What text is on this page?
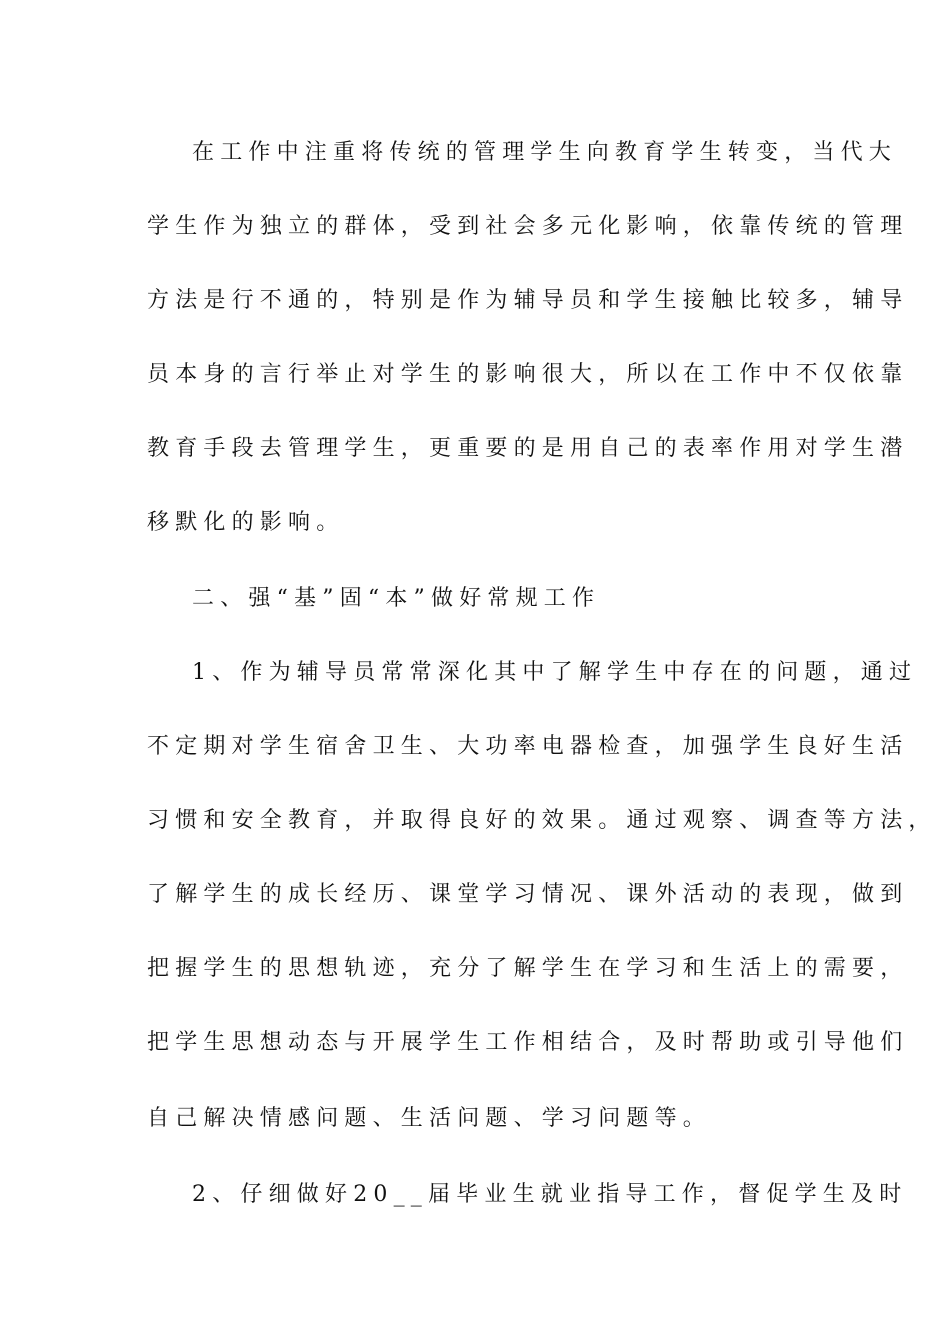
在工作中注重将传统的管理学生向教育学生转变，当代大
学生作为独立的群体，受到社会多元化影响，依靠传统的管理
方法是行不通的，特别是作为辅导员和学生接触比较多，辅导
员本身的言行举止对学生的影响很大，所以在工作中不仅依靠
教育手段去管理学生，更重要的是用自己的表率作用对学生潜
移默化的影响。
二、强“基”固“本”做好常规工作
1、作为辅导员常常深化其中了解学生中存在的问题，通过
不定期对学生宿舍卫生、大功率电器检查，加强学生良好生活
习惯和安全教育，并取得良好的效果。通过观察、调查等方法，
了解学生的成长经历、课堂学习情况、课外活动的表现，做到
把握学生的思想轨迹，充分了解学生在学习和生活上的需要，
把学生思想动态与开展学生工作相结合，及时帮助或引导他们
自己解决情感问题、生活问题、学习问题等。
2、仔细做好20__届毕业生就业指导工作，督促学生及时
